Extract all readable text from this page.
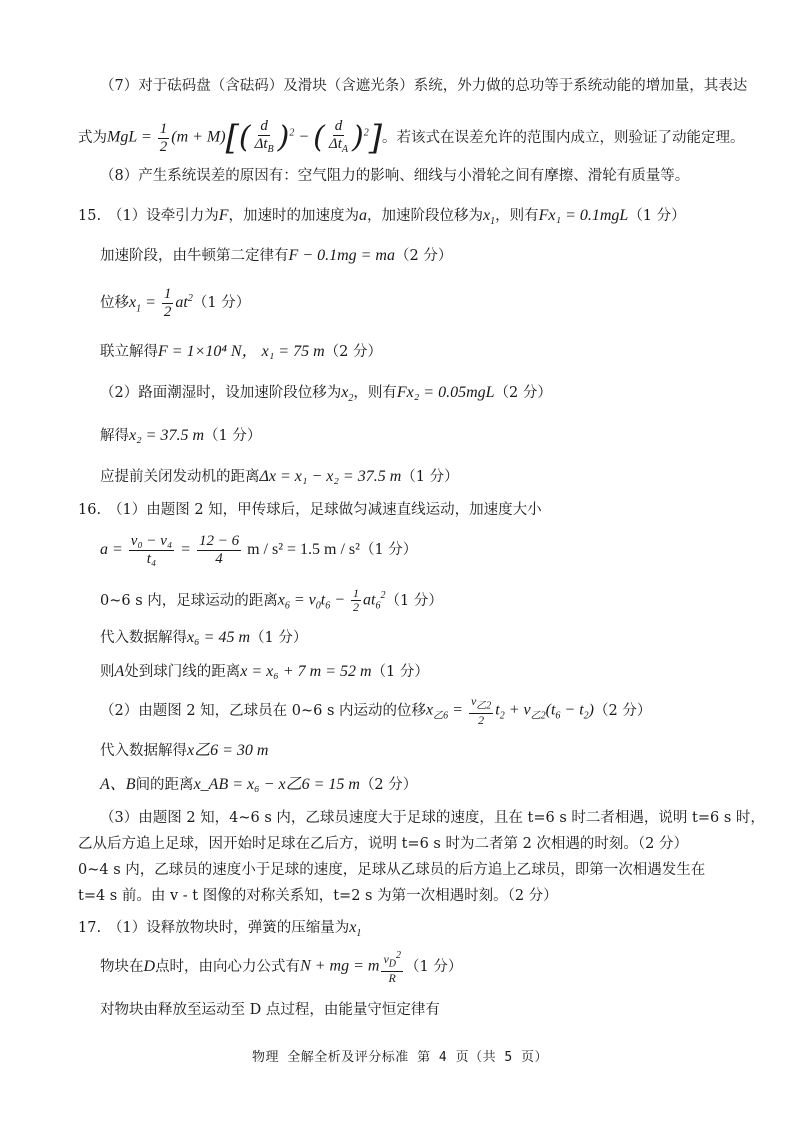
（7）对于砝码盘（含砝码）及滑块（含遮光条）系统，外力做的总功等于系统动能的增加量，其表达
式为 MgL = $\frac{1}{2} (m + M)[( \frac{d}{\Delta t_B} )^2$ − ( $\frac{d}{\Delta t_A} )^2$] 。若该式在误差允许的范围内成立，则验证了动能定理。
（8）产生系统误差的原因有：空气阻力的影响、细线与小滑轮之间有摩擦、滑轮有质量等。
15. （1）设牵引力为F，加速时的加速度为a，加速阶段位移为$x_1$，则有Fx₁ = 0.1mgL（1 分）
加速阶段，由牛顿第二定律有F − 0.1mg = ma（2 分）
位移 $x_1 = \frac{1}{2} at^2$ （1 分）
联立解得F = 1×10⁴ N， x₁ = 75 m（2 分）
（2）路面潮湿时，设加速阶段位移为$x_2$，则有Fx₂ = 0.05mgL（2 分）
解得x₂ = 37.5 m（1 分）
应提前关闭发动机的距离Δx = x₁ − x₂ = 37.5 m（1 分）
16. （1）由题图 2 知，甲传球后，足球做匀减速直线运动，加速度大小
$a = \frac{\text{v₀ − v₄}}{\text{t₄}} = \frac{12 - 6}{4}$ m / s² = 1.5 m / s² （1 分）
0~6 s 内，足球运动的距离 $x_6 = v_0t_6 - \frac{1}{2} at_6^2$ （1 分）
代入数据解得x₆ = 45 m（1 分）
则A处到球门线的距离x = x₆ + 7 m = 52 m（1 分）
（2）由题图 2 知，乙球员在 0~6 s 内运动的位移 $x_{乙6} = \frac{v_{乙2}}{2} t_2 + v_{乙2}(t_6 - t_2)$ （2 分）
代入数据解得x乙6 = 30 m
A、B间的距离x_AB = x₆ − x乙6 = 15 m（2 分）
（3）由题图 2 知，4~6 s 内，乙球员速度大于足球的速度，且在 t=6 s 时二者相遇，说明 t=6 s 时，
乙从后方追上足球，因开始时足球在乙后方，说明 t=6 s 时为二者第 2 次相遇的时刻。（2 分）
0~4 s 内，乙球员的速度小于足球的速度，足球从乙球员的后方追上乙球员，即第一次相遇发生在
t=4 s 前。由 v - t 图像的对称关系知，t=2 s 为第一次相遇时刻。（2 分）
17. （1）设释放物块时，弹簧的压缩量为$x_1$
物块在 D 点时，由向心力公式有 N + mg = m $\frac{v_D^2}{R} (1$ 分）
对物块由释放至运动至 D 点过程，由能量守恒定律有
物理 全解全析及评分标准 第 4 页（共 5 页）
